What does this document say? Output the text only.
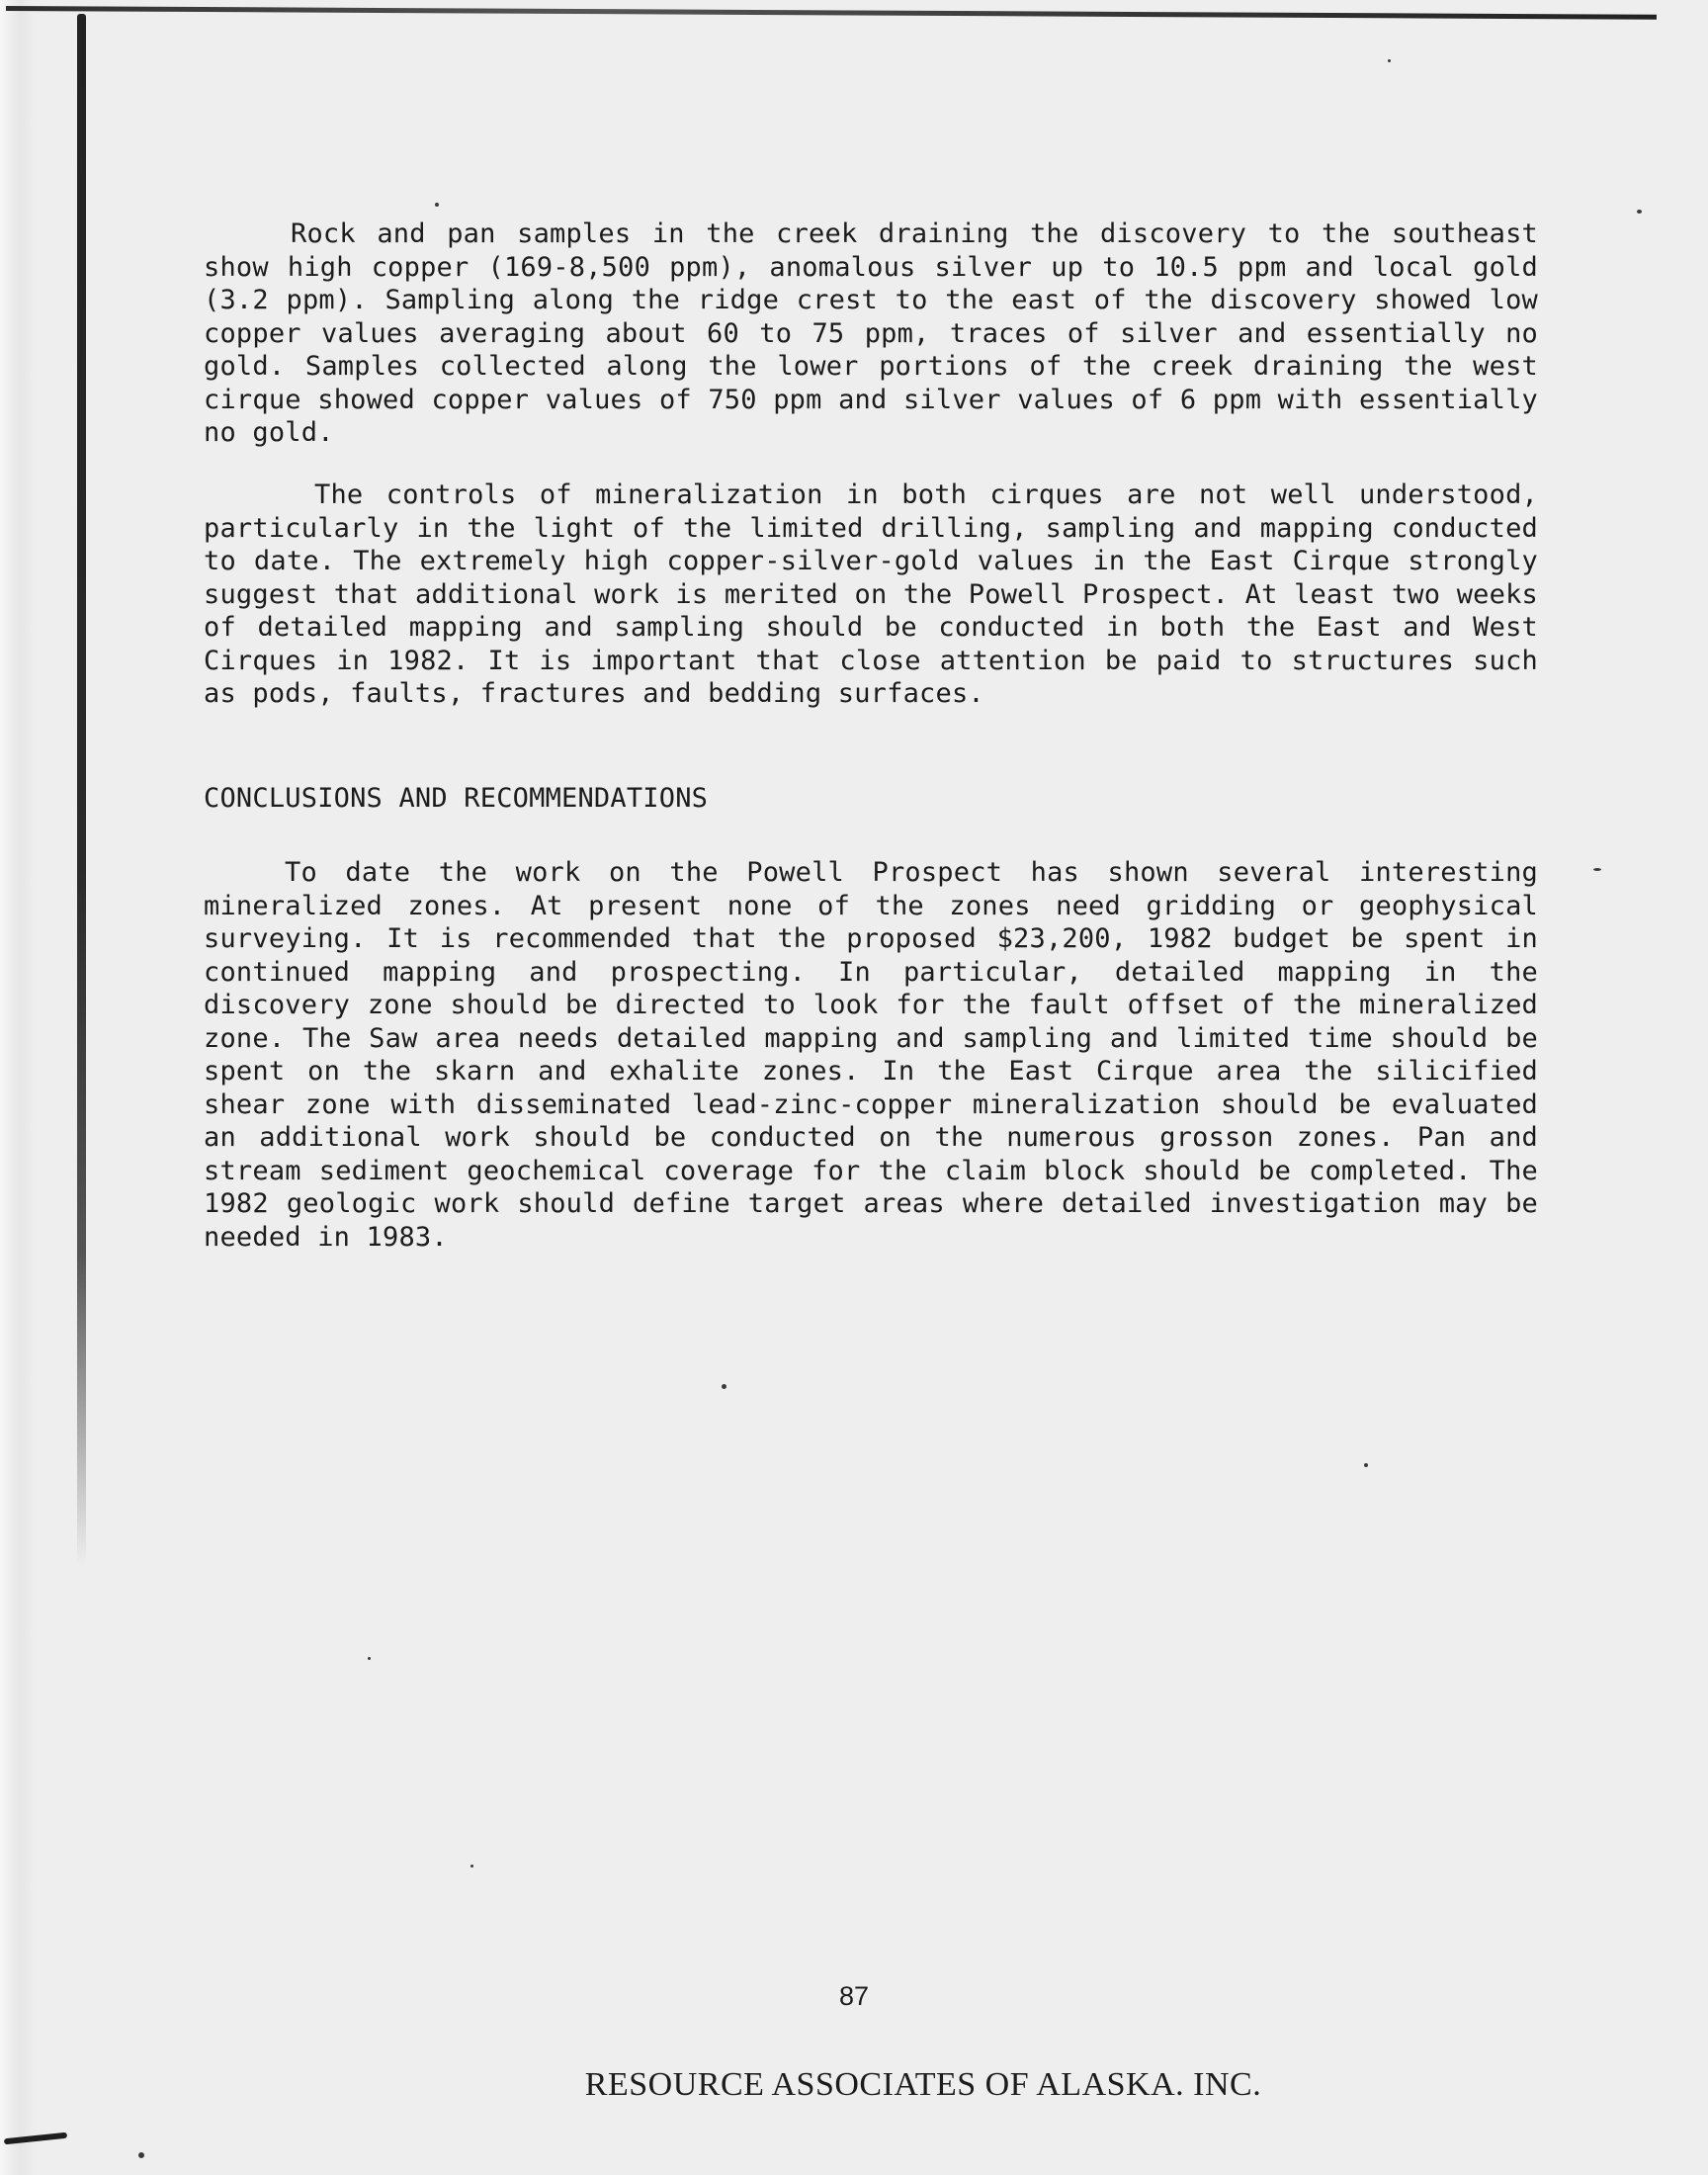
Rock and pan samples in the creek draining the discovery to the southeast show high copper (169-8,500 ppm), anomalous silver up to 10.5 ppm and local gold (3.2 ppm). Sampling along the ridge crest to the east of the discovery showed low copper values averaging about 60 to 75 ppm, traces of silver and essentially no gold. Samples collected along the lower portions of the creek draining the west cirque showed copper values of 750 ppm and silver values of 6 ppm with essentially no gold.
The controls of mineralization in both cirques are not well understood, particularly in the light of the limited drilling, sampling and mapping conducted to date. The extremely high copper-silver-gold values in the East Cirque strongly suggest that additional work is merited on the Powell Prospect. At least two weeks of detailed mapping and sampling should be conducted in both the East and West Cirques in 1982. It is important that close attention be paid to structures such as pods, faults, fractures and bedding surfaces.
CONCLUSIONS AND RECOMMENDATIONS
To date the work on the Powell Prospect has shown several interesting mineralized zones. At present none of the zones need gridding or geophysical surveying. It is recommended that the proposed $23,200, 1982 budget be spent in continued mapping and prospecting. In particular, detailed mapping in the discovery zone should be directed to look for the fault offset of the mineralized zone. The Saw area needs detailed mapping and sampling and limited time should be spent on the skarn and exhalite zones. In the East Cirque area the silicified shear zone with disseminated lead-zinc-copper mineralization should be evaluated an additional work should be conducted on the numerous grosson zones. Pan and stream sediment geochemical coverage for the claim block should be completed. The 1982 geologic work should define target areas where detailed investigation may be needed in 1983.
87
RESOURCE ASSOCIATES OF ALASKA. INC.
